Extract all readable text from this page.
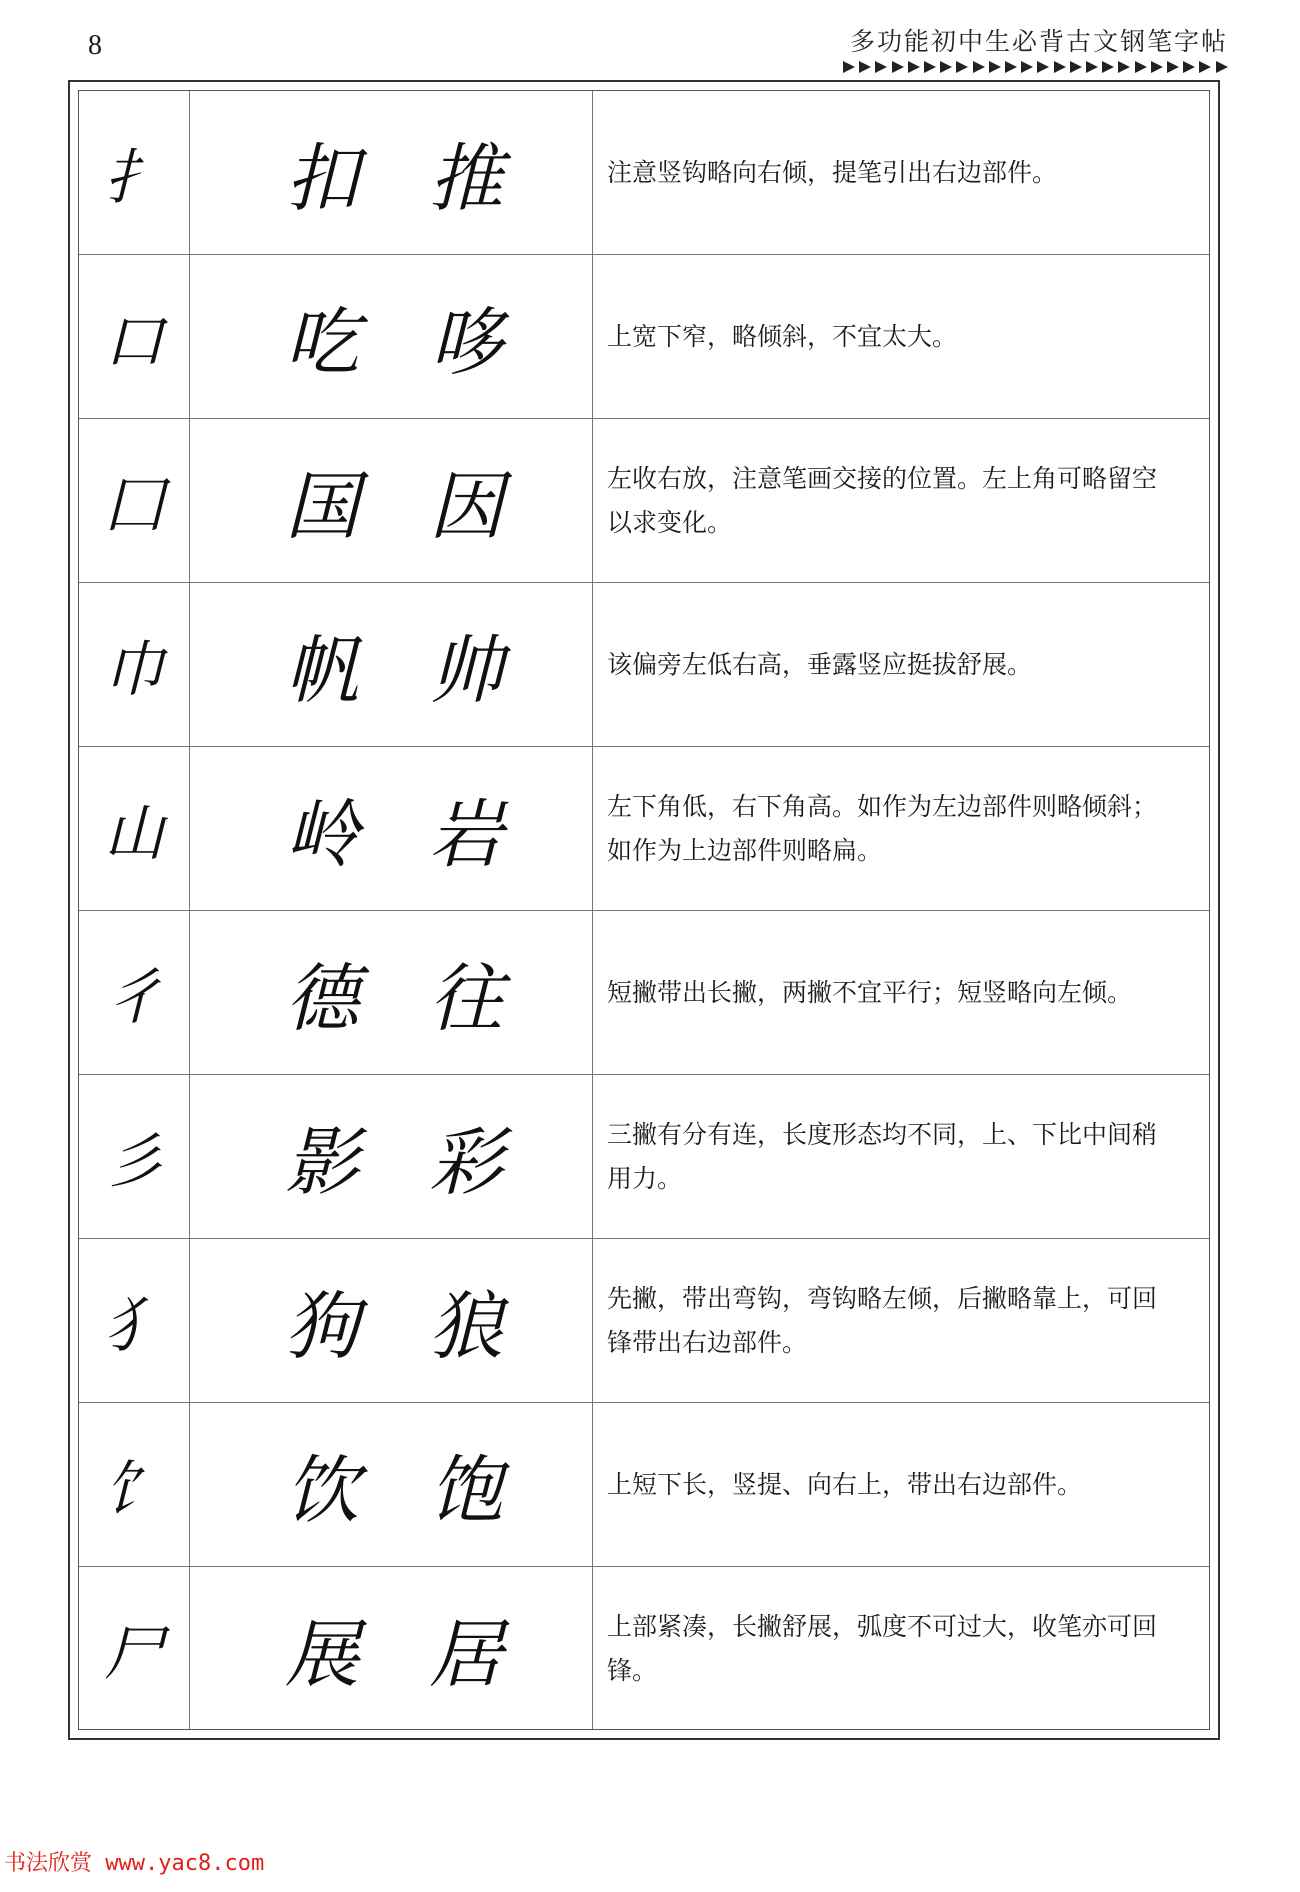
8	多功能初中生必背古文钢笔字帖
扌	扣 推	注意竖钩略向右倾，提笔引出右边部件。
口	吃 哆	上宽下窄，略倾斜，不宜太大。
囗	国 因	左收右放，注意笔画交接的位置。左上角可略留空以求变化。
巾	帆 帅	该偏旁左低右高，垂露竖应挺拔舒展。
山	岭 岩	左下角低，右下角高。如作为左边部件则略倾斜；如作为上边部件则略扁。
彳	德 往	短撇带出长撇，两撇不宜平行；短竖略向左倾。
彡	影 彩	三撇有分有连，长度形态均不同，上、下比中间稍用力。
犭	狗 狼	先撇，带出弯钩，弯钩略左倾，后撇略靠上，可回锋带出右边部件。
饣	饮 饱	上短下长，竖提、向右上，带出右边部件。
尸	展 居	上部紧凑，长撇舒展，弧度不可过大，收笔亦可回锋。
书法欣赏 www.yac8.com
